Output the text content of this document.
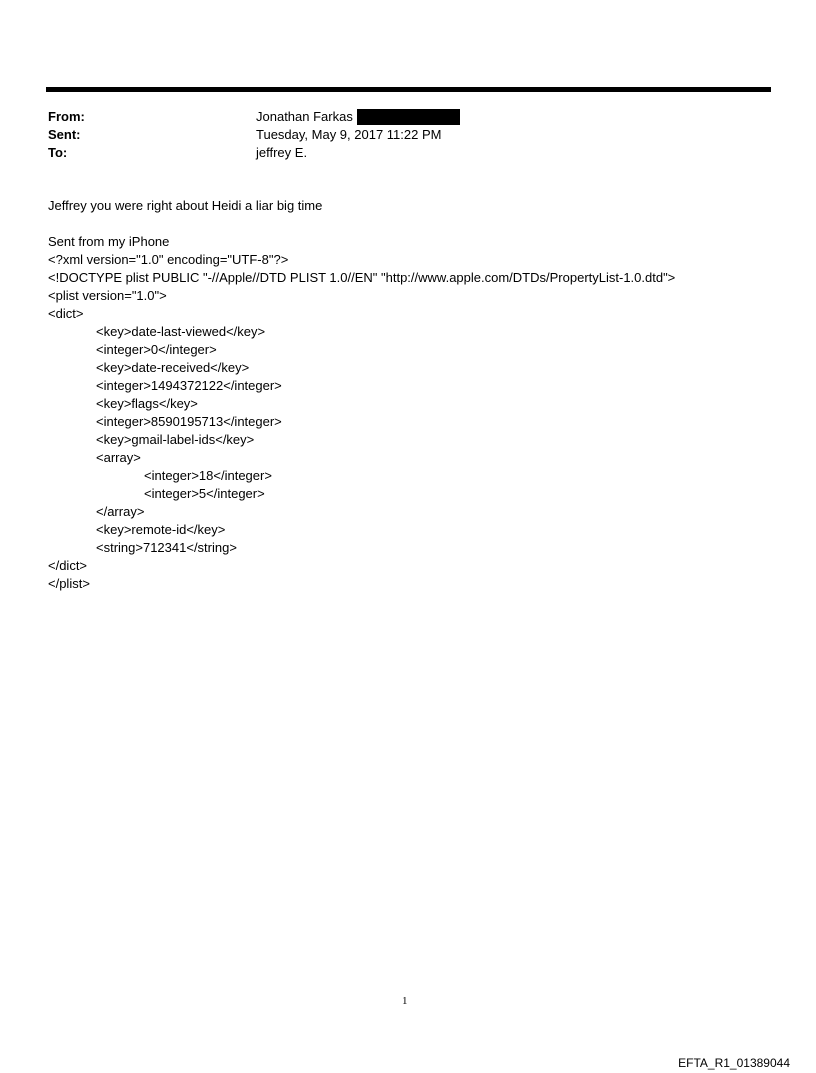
From:	Jonathan Farkas
Sent:	Tuesday, May 9, 2017 11:22 PM
To:	jeffrey E.
Jeffrey you were right about Heidi a liar big time
Sent from my iPhone
<?xml version="1.0" encoding="UTF-8"?>
<!DOCTYPE plist PUBLIC "-//Apple//DTD PLIST 1.0//EN" "http://www.apple.com/DTDs/PropertyList-1.0.dtd">
<plist version="1.0">
<dict>
<key>date-last-viewed</key>
<integer>0</integer>
<key>date-received</key>
<integer>1494372122</integer>
<key>flags</key>
<integer>8590195713</integer>
<key>gmail-label-ids</key>
<array>
<integer>18</integer>
<integer>5</integer>
</array>
<key>remote-id</key>
<string>712341</string>
</dict>
</plist>
1
EFTA_R1_01389044
